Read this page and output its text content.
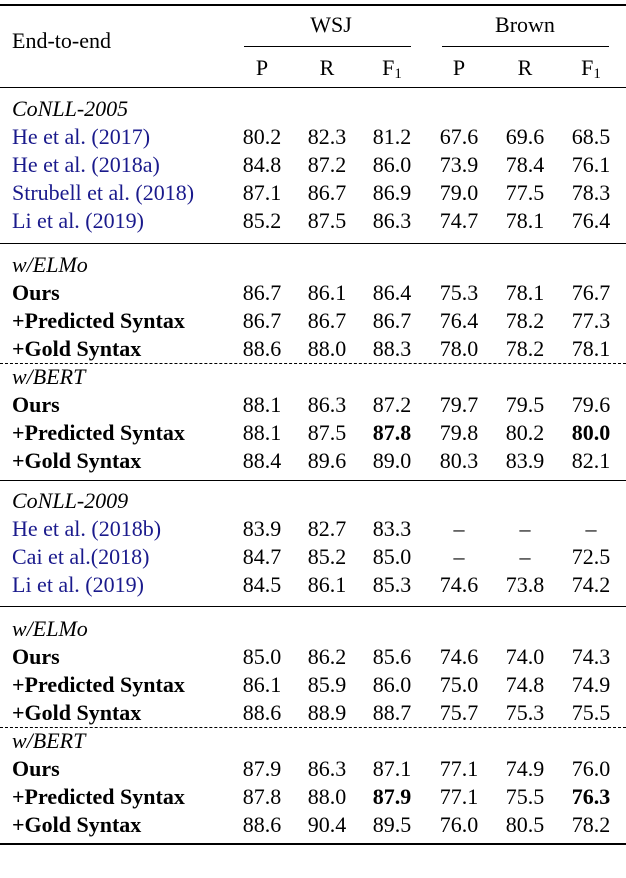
End-to-end
WSJ	Brown
P	R	$F_1$	P	R	$F_1$
CoNLL-2005
He et al. (2017)	80.2	82.3	81.2	67.6	69.6	68.5
He et al. (2018a)	84.8	87.2	86.0	73.9	78.4	76.1
Strubell et al. (2018)	87.1	86.7	86.9	79.0	77.5	78.3
Li et al. (2019)	85.2	87.5	86.3	74.7	78.1	76.4
w/ELMo
Ours	86.7	86.1	86.4	75.3	78.1	76.7
+Predicted Syntax	86.7	86.7	86.7	76.4	78.2	77.3
+Gold Syntax	88.6	88.0	88.3	78.0	78.2	78.1
w/BERT
Ours	88.1	86.3	87.2	79.7	79.5	79.6
+Predicted Syntax	88.1	87.5	87.8	79.8	80.2	80.0
+Gold Syntax	88.4	89.6	89.0	80.3	83.9	82.1
CoNLL-2009
He et al. (2018b)	83.9	82.7	83.3	–	–	–
Cai et al.(2018)	84.7	85.2	85.0	–	–	72.5
Li et al. (2019)	84.5	86.1	85.3	74.6	73.8	74.2
w/ELMo
Ours	85.0	86.2	85.6	74.6	74.0	74.3
+Predicted Syntax	86.1	85.9	86.0	75.0	74.8	74.9
+Gold Syntax	88.6	88.9	88.7	75.7	75.3	75.5
w/BERT
Ours	87.9	86.3	87.1	77.1	74.9	76.0
+Predicted Syntax	87.8	88.0	87.9	77.1	75.5	76.3
+Gold Syntax	88.6	90.4	89.5	76.0	80.5	78.2
